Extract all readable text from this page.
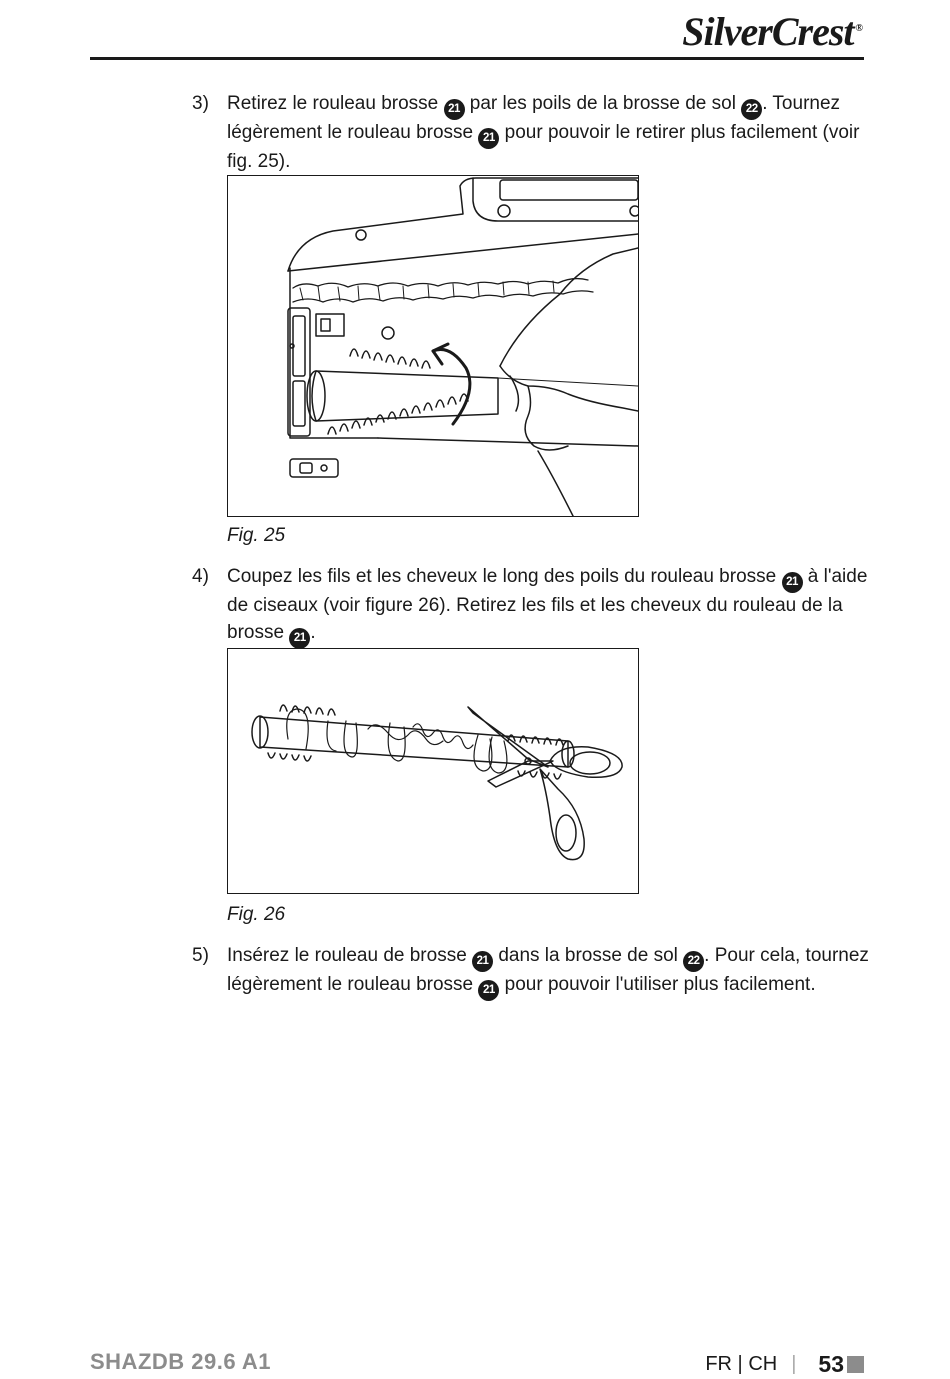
SilverCrest ®
3) Retirez le rouleau brosse 21 par les poils de la brosse de sol 22 . Tournez légèrement le rouleau brosse 21 pour pouvoir le retirer plus facilement (voir fig. 25).
Fig. 25
4) Coupez les fils et les cheveux le long des poils du rouleau brosse 21 à l'aide de ciseaux (voir figure 26). Retirez les fils et les cheveux du rouleau de la brosse 21 .
Fig. 26
5) Insérez le rouleau de brosse 21 dans la brosse de sol 22 . Pour cela, tournez légèrement le rouleau brosse 21 pour pouvoir l'utiliser plus facilement.
SHAZDB 29.6 A1	FR | CH | 53
